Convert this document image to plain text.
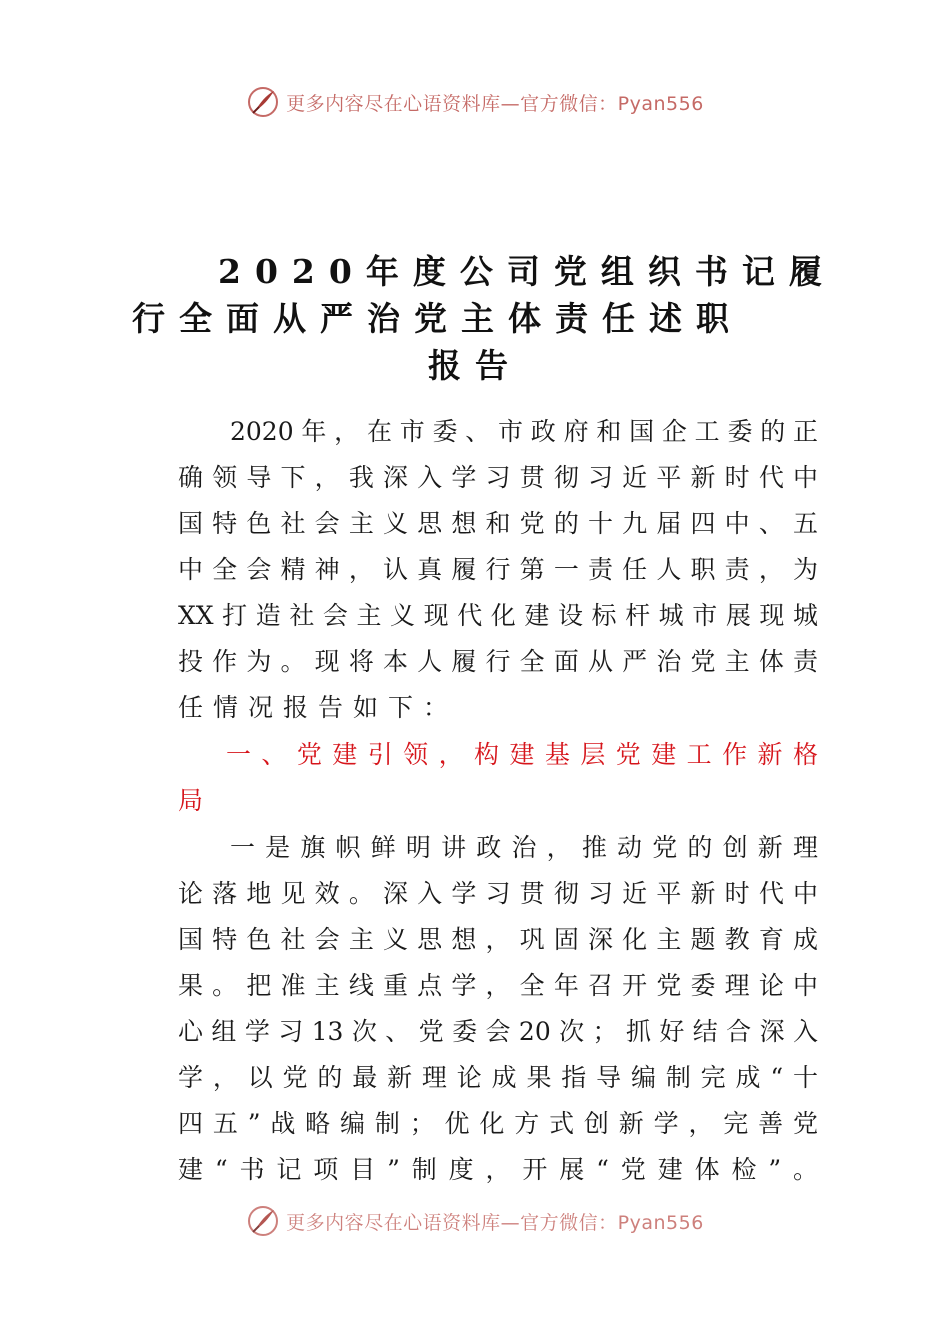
更多内容尽在心语资料库—官方微信：Pyan556
2020年度公司党组织书记履
行全面从严治党主体责任述职
报告
2020年，在市委、市政府和国企工委的正
确领导下，我深入学习贯彻习近平新时代中
国特色社会主义思想和党的十九届四中、五
中全会精神，认真履行第一责任人职责，为
XX打造社会主义现代化建设标杆城市展现城
投作为。现将本人履行全面从严治党主体责
任情况报告如下：
一、党建引领，构建基层党建工作新格
局
一是旗帜鲜明讲政治，推动党的创新理
论落地见效。深入学习贯彻习近平新时代中
国特色社会主义思想，巩固深化主题教育成
果。把准主线重点学，全年召开党委理论中
心组学习13次、党委会20次；抓好结合深入
学，以党的最新理论成果指导编制完成“十
四五”战略编制；优化方式创新学，完善党
建“书记项目”制度，开展“党建体检”。
更多内容尽在心语资料库—官方微信：Pyan556
